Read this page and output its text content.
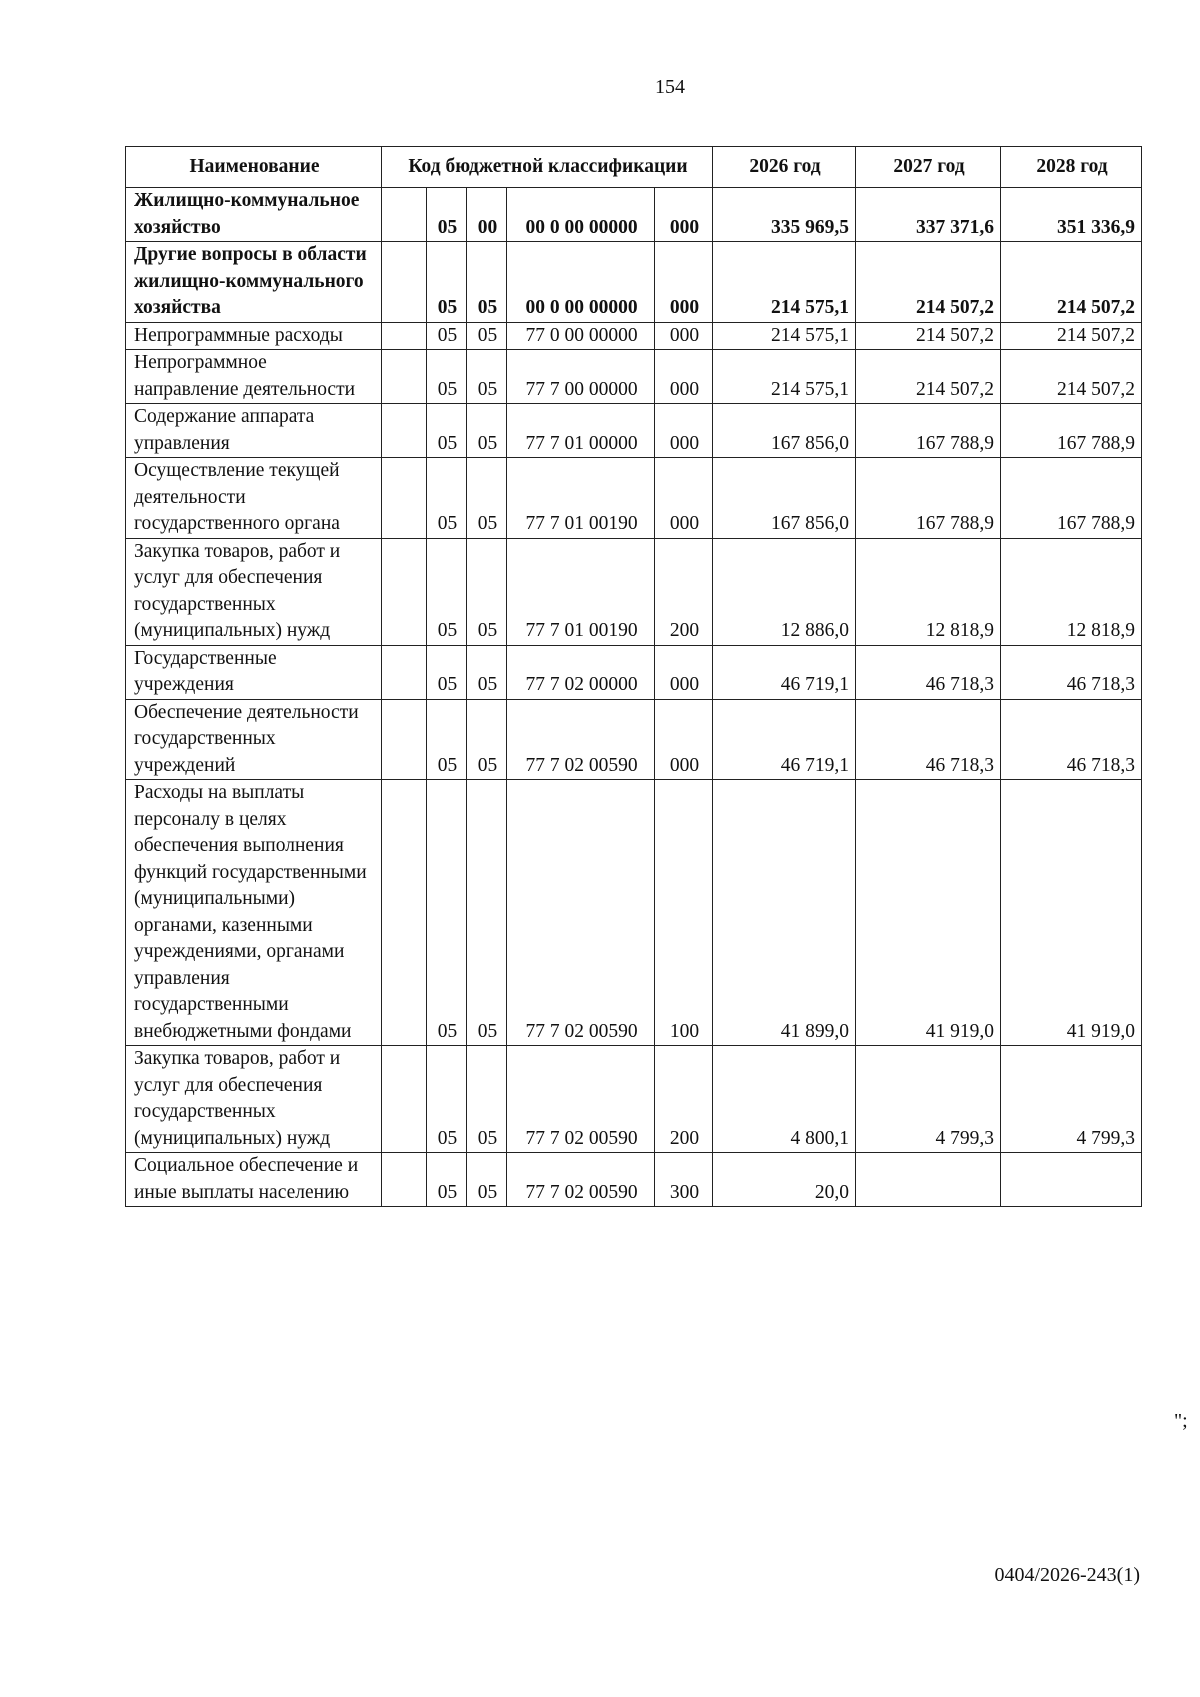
154
Наименование	Код бюджетной классификации					2026 год	2027 год	2028 год
Жилищно-коммунальное хозяйство		05	00	00 0 00 00000	000	335 969,5	337 371,6	351 336,9
Другие вопросы в области жилищно-коммунального хозяйства		05	05	00 0 00 00000	000	214 575,1	214 507,2	214 507,2
Непрограммные расходы		05	05	77 0 00 00000	000	214 575,1	214 507,2	214 507,2
Непрограммное направление деятельности		05	05	77 7 00 00000	000	214 575,1	214 507,2	214 507,2
Содержание аппарата управления		05	05	77 7 01 00000	000	167 856,0	167 788,9	167 788,9
Осуществление текущей деятельности государственного органа		05	05	77 7 01 00190	000	167 856,0	167 788,9	167 788,9
Закупка товаров, работ и услуг для обеспечения государственных (муниципальных) нужд		05	05	77 7 01 00190	200	12 886,0	12 818,9	12 818,9
Государственные учреждения		05	05	77 7 02 00000	000	46 719,1	46 718,3	46 718,3
Обеспечение деятельности государственных учреждений		05	05	77 7 02 00590	000	46 719,1	46 718,3	46 718,3
Расходы на выплаты персоналу в целях обеспечения выполнения функций государственными (муниципальными) органами, казенными учреждениями, органами управления государственными внебюджетными фондами		05	05	77 7 02 00590	100	41 899,0	41 919,0	41 919,0
Закупка товаров, работ и услуг для обеспечения государственных (муниципальных) нужд		05	05	77 7 02 00590	200	4 800,1	4 799,3	4 799,3
Социальное обеспечение и иные выплаты населению		05	05	77 7 02 00590	300	20,0		
";
0404/2026-243(1)
